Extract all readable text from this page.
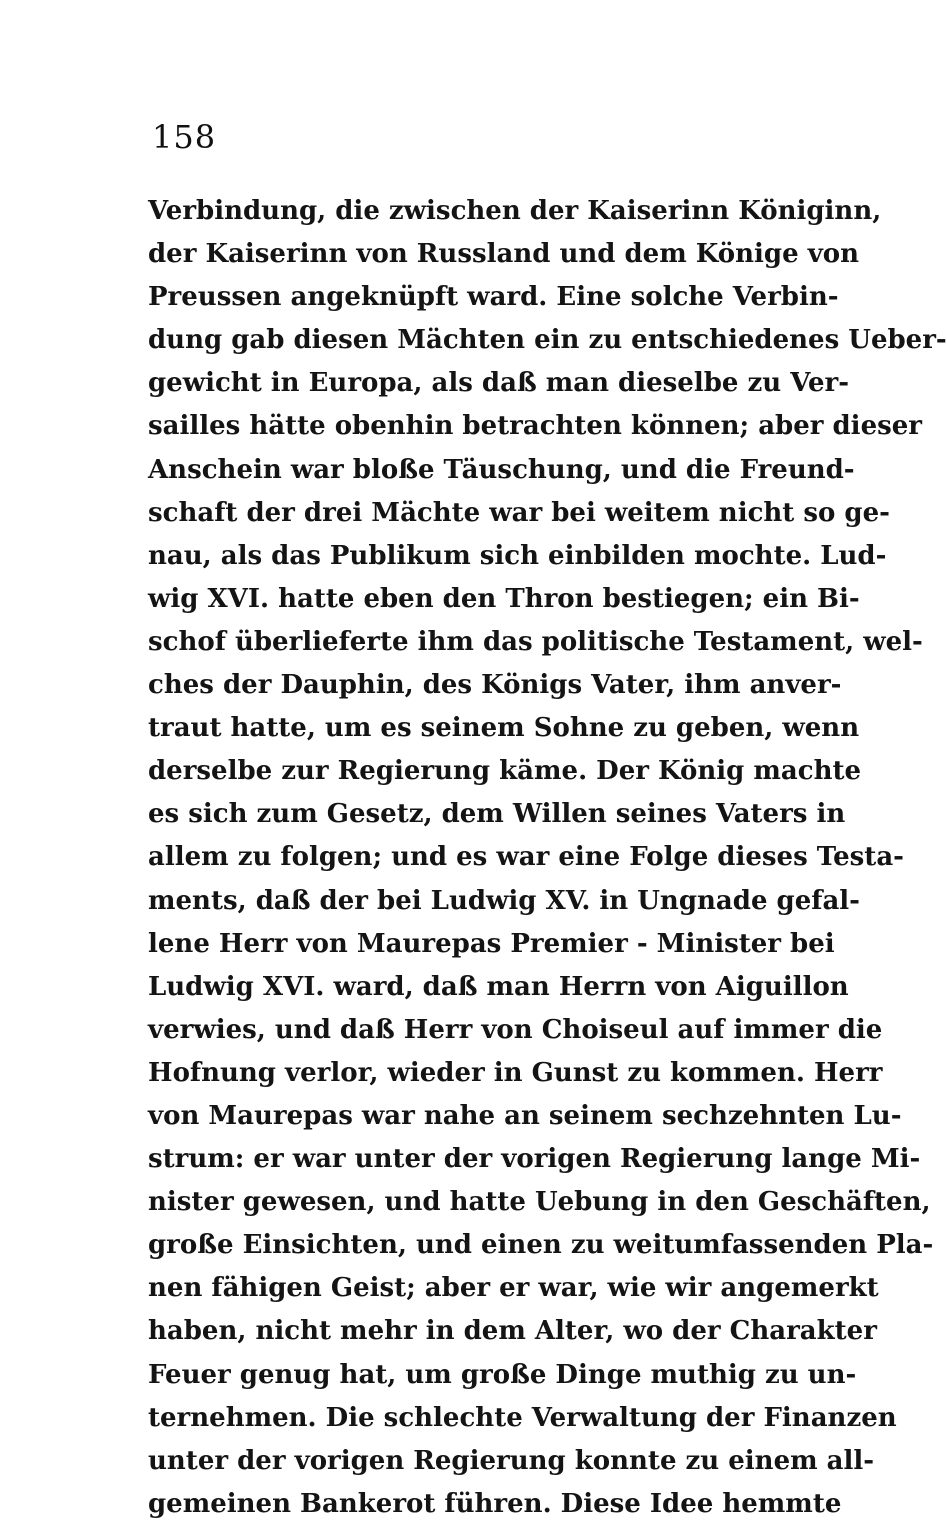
158
Verbindung, die zwischen der Kaiserinn Königinn,
der Kaiserinn von Russland und dem Könige von
Preussen angeknüpft ward. Eine solche Verbin-
dung gab diesen Mächten ein zu entschiedenes Ueber-
gewicht in Europa, als daß man dieselbe zu Ver-
sailles hätte obenhin betrachten können; aber dieser
Anschein war bloße Täuschung, und die Freund-
schaft der drei Mächte war bei weitem nicht so ge-
nau, als das Publikum sich einbilden mochte. Lud-
wig XVI. hatte eben den Thron bestiegen; ein Bi-
schof überlieferte ihm das politische Testament, wel-
ches der Dauphin, des Königs Vater, ihm anver-
traut hatte, um es seinem Sohne zu geben, wenn
derselbe zur Regierung käme. Der König machte
es sich zum Gesetz, dem Willen seines Vaters in
allem zu folgen; und es war eine Folge dieses Testa-
ments, daß der bei Ludwig XV. in Ungnade gefal-
lene Herr von Maurepas Premier - Minister bei
Ludwig XVI. ward, daß man Herrn von Aiguillon
verwies, und daß Herr von Choiseul auf immer die
Hofnung verlor, wieder in Gunst zu kommen. Herr
von Maurepas war nahe an seinem sechzehnten Lu-
strum: er war unter der vorigen Regierung lange Mi-
nister gewesen, und hatte Uebung in den Geschäften,
große Einsichten, und einen zu weitumfassenden Pla-
nen fähigen Geist; aber er war, wie wir angemerkt
haben, nicht mehr in dem Alter, wo der Charakter
Feuer genug hat, um große Dinge muthig zu un-
ternehmen. Die schlechte Verwaltung der Finanzen
unter der vorigen Regierung konnte zu einem all-
gemeinen Bankerot führen. Diese Idee hemmte
